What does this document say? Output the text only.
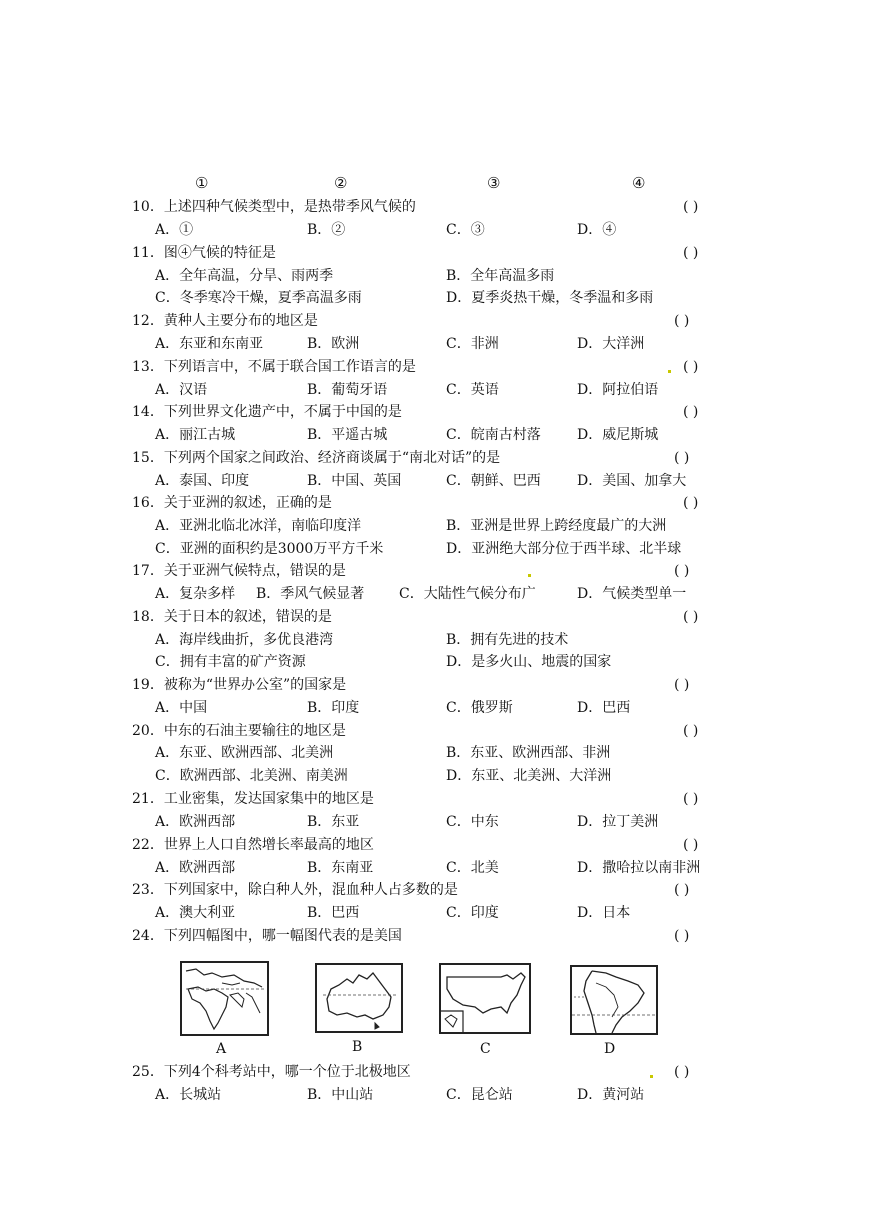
①	②	③	④
10．上述四种气候类型中，是热带季风气候的	( )
A．①	B．②	C．③	D．④
11．图④气候的特征是	( )
A．全年高温，分旱、雨两季	B．全年高温多雨
C．冬季寒冷干燥，夏季高温多雨	D．夏季炎热干燥，冬季温和多雨
12．黄种人主要分布的地区是	( )
A．东亚和东南亚	B．欧洲	C．非洲	D．大洋洲
13．下列语言中，不属于联合国工作语言的是	( )
A．汉语	B．葡萄牙语	C．英语	D．阿拉伯语
14．下列世界文化遗产中，不属于中国的是	( )
A．丽江古城	B．平遥古城	C．皖南古村落	D．威尼斯城
15．下列两个国家之间政治、经济商谈属于“南北对话”的是	( )
A．泰国、印度	B．中国、英国	C．朝鲜、巴西	D．美国、加拿大
16．关于亚洲的叙述，正确的是	( )
A．亚洲北临北冰洋，南临印度洋	B．亚洲是世界上跨经度最广的大洲
C．亚洲的面积约是3000万平方千米	D．亚洲绝大部分位于西半球、北半球
17．关于亚洲气候特点，错误的是	( )
A．复杂多样 B．季风气候显著 C．大陆性气候分布广	D．气候类型单一
18．关于日本的叙述，错误的是	( )
A．海岸线曲折，多优良港湾	B．拥有先进的技术
C．拥有丰富的矿产资源	D．是多火山、地震的国家
19．被称为“世界办公室”的国家是	( )
A．中国	B．印度	C．俄罗斯	D．巴西
20．中东的石油主要输往的地区是	( )
A．东亚、欧洲西部、北美洲	B．东亚、欧洲西部、非洲
C．欧洲西部、北美洲、南美洲	D．东亚、北美洲、大洋洲
21．工业密集，发达国家集中的地区是	( )
A．欧洲西部	B．东亚	C．中东	D．拉丁美洲
22．世界上人口自然增长率最高的地区	( )
A．欧洲西部	B．东南亚	C．北美	D．撒哈拉以南非洲
23．下列国家中，除白种人外，混血种人占多数的是	( )
A．澳大利亚	B．巴西	C．印度	D．日本
24．下列四幅图中，哪一幅图代表的是美国	( )
A	B	C	D
25．下列4个科考站中，哪一个位于北极地区	( )
A．长城站	B．中山站	C．昆仑站	D．黄河站
